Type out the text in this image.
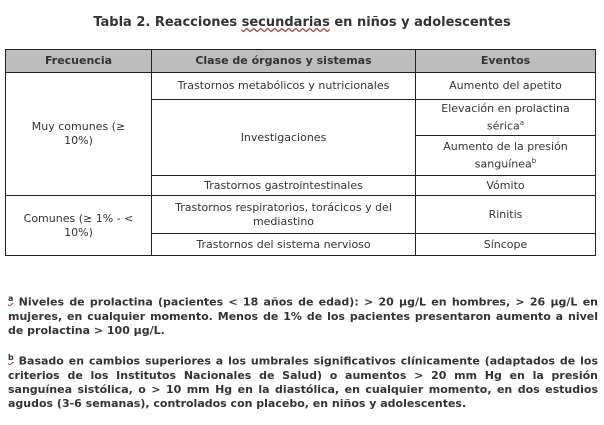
Tabla 2. Reacciones secundarias en niños y adolescentes
Frecuencia	Clase de órganos y sistemas	Eventos
Muy comunes (≥ 10%)	Trastornos metabólicos y nutricionales	Aumento del apetito
	Investigaciones	Elevación en prolactina sérica$^a$
		Aumento de la presión sanguínea$^b$
	Trastornos gastrointestinales	Vómito

Comunes (≥ 1% - < 10%)	Trastornos respiratorios, torácicos y del mediastino	Rinitis
	Trastornos del sistema nervioso	Síncope

$^a$ Niveles de prolactina (pacientes < 18 años de edad): > 20 µg/L en hombres, > 26 µg/L en mujeres, en cualquier momento. Menos de 1% de los pacientes presentaron aumento a nivel de prolactina > 100 µg/L.

$^b$ Basado en cambios superiores a los umbrales significativos clínicamente (adaptados de los criterios de los Institutos Nacionales de Salud) o aumentos > 20 mm Hg en la presión sanguínea sistólica, o > 10 mm Hg en la diastólica, en cualquier momento, en dos estudios agudos (3-6 semanas), controlados con placebo, en niños y adolescentes.
